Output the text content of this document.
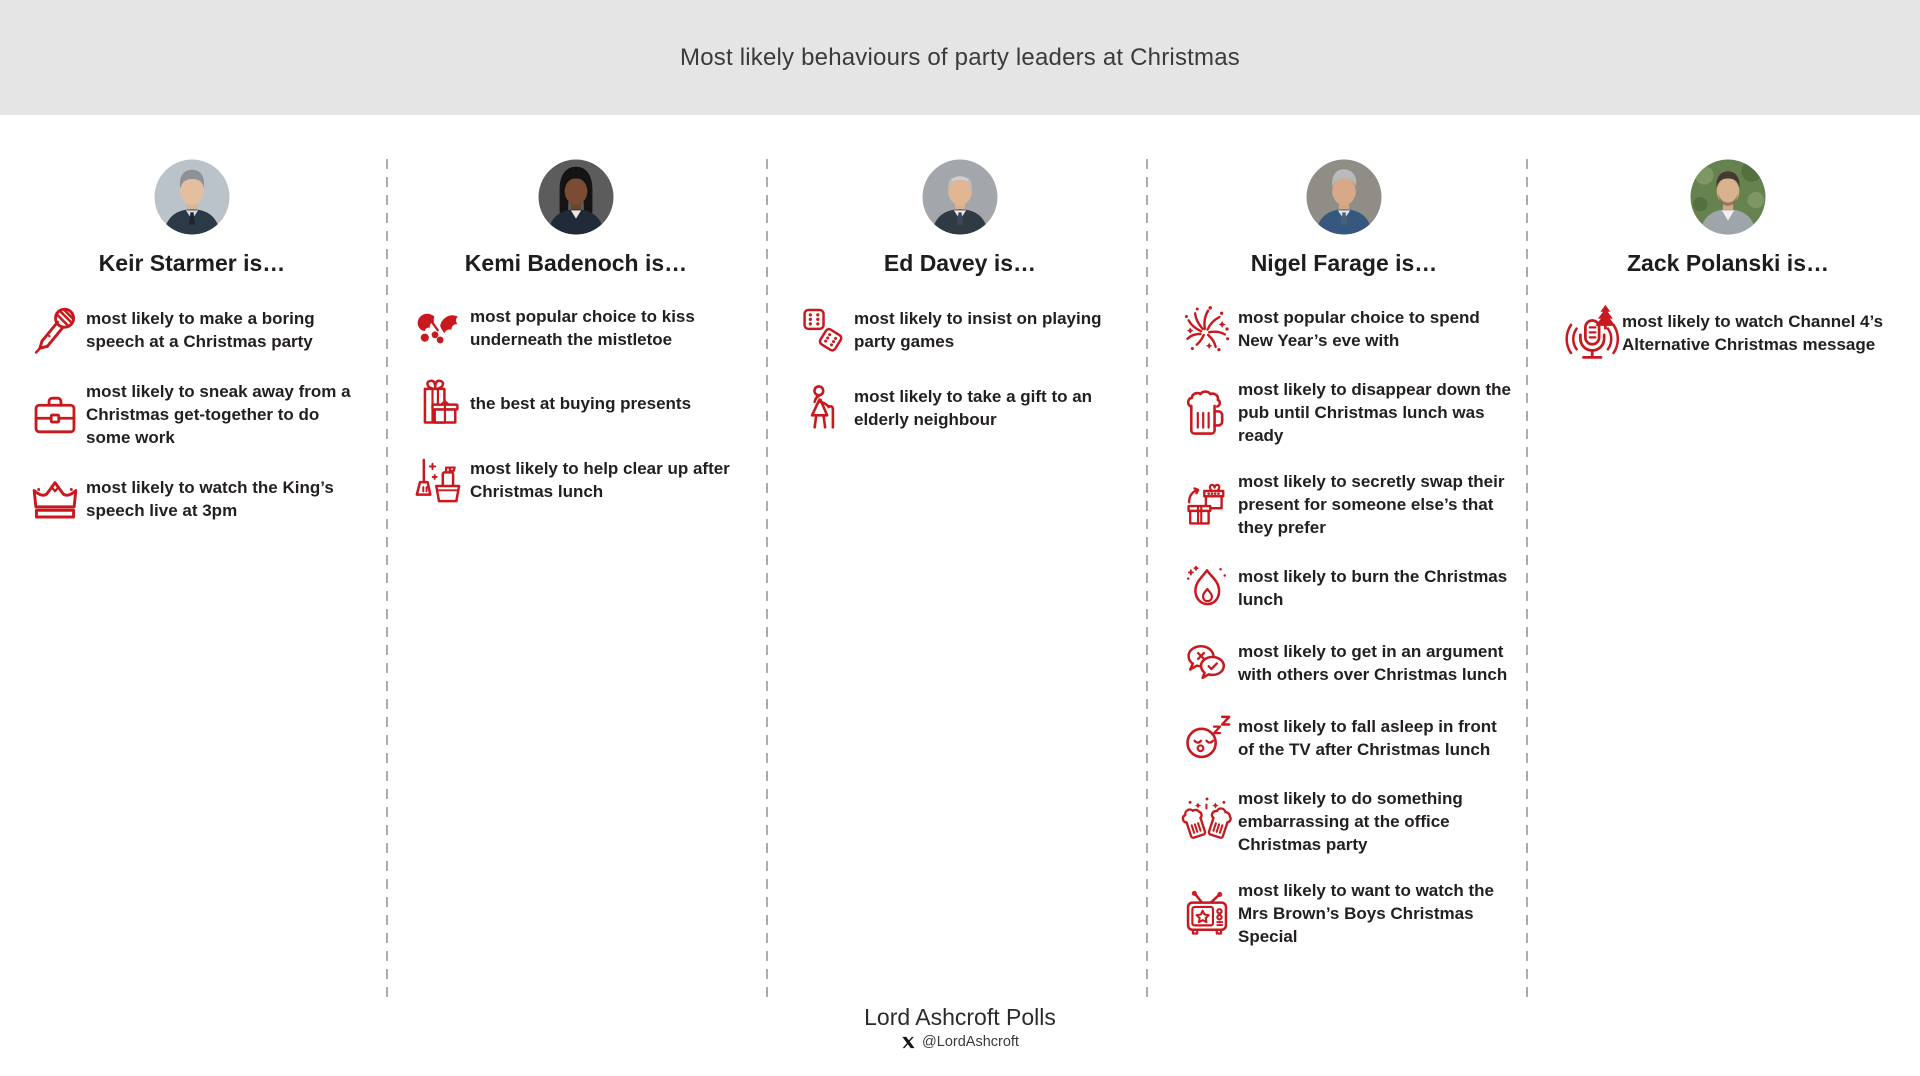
Most likely behaviours of party leaders at Christmas
Keir Starmer is…
most likely to make a boring speech at a Christmas party
most likely to sneak away from a Christmas get-together to do some work
most likely to watch the King’s speech live at 3pm
Kemi Badenoch is…
most popular choice to kiss underneath the mistletoe
the best at buying presents
most likely to help clear up after Christmas lunch
Ed Davey is…
most likely to insist on playing party games
most likely to take a gift to an elderly neighbour
Nigel Farage is…
most popular choice to spend New Year’s eve with
most likely to disappear down the pub until Christmas lunch was ready
most likely to secretly swap their present for someone else’s that they prefer
most likely to burn the Christmas lunch
most likely to get in an argument with others over Christmas lunch
most likely to fall asleep in front of the TV after Christmas lunch
most likely to do something embarrassing at the office Christmas party
most likely to want to watch the Mrs Brown’s Boys Christmas Special
Zack Polanski is…
most likely to watch Channel 4’s Alternative Christmas message
Lord Ashcroft Polls
@LordAshcroft
